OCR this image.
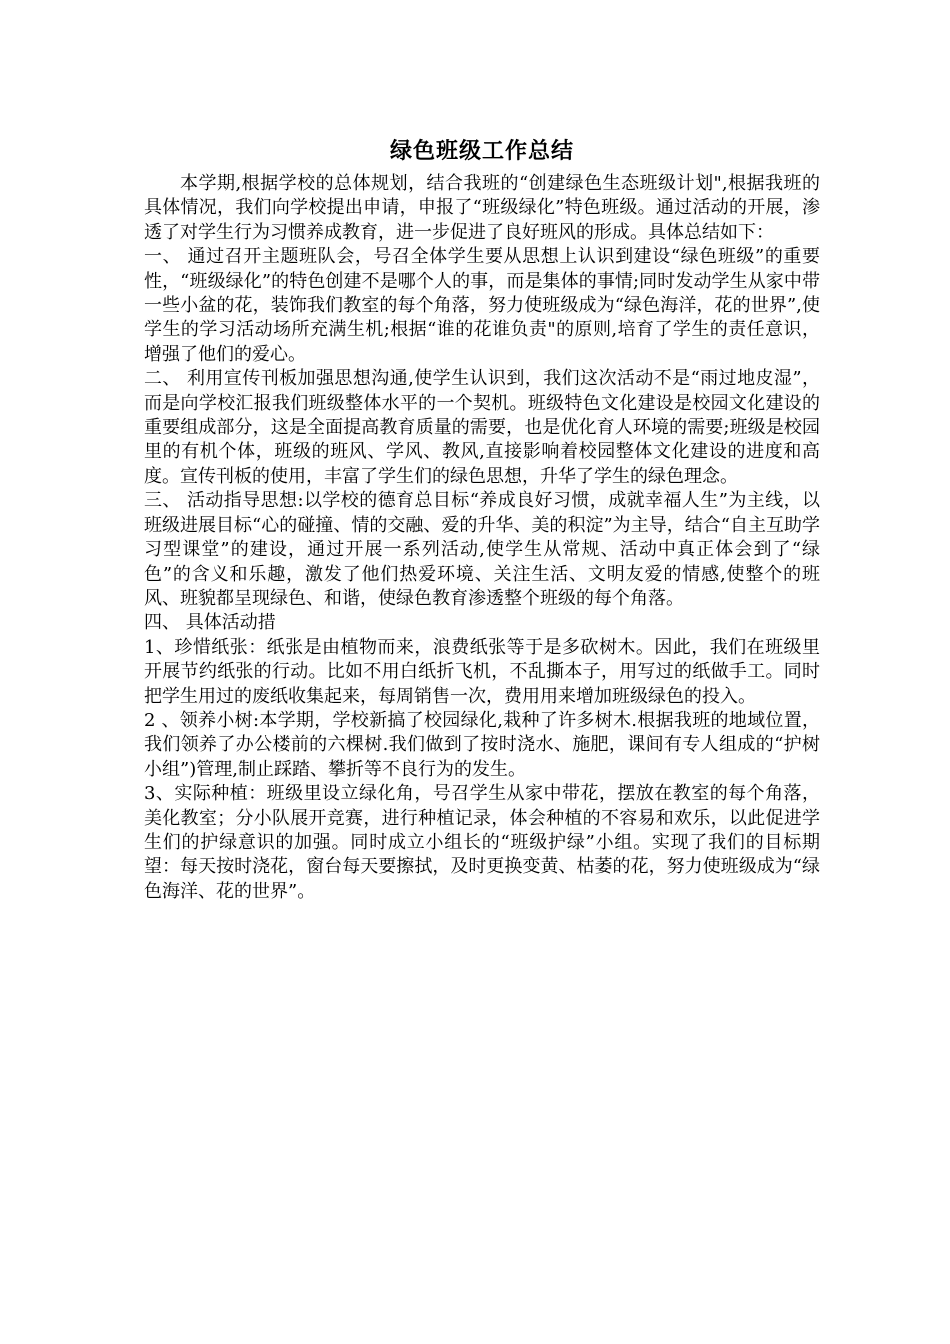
绿色班级工作总结

本学期,根据学校的总体规划，结合我班的“创建绿色生态班级计划",根据我班的具体情况，我们向学校提出申请，申报了“班级绿化”特色班级。通过活动的开展，渗透了对学生行为习惯养成教育，进一步促进了良好班风的形成。具体总结如下：

一、 通过召开主题班队会，号召全体学生要从思想上认识到建设“绿色班级”的重要性，“班级绿化”的特色创建不是哪个人的事，而是集体的事情;同时发动学生从家中带一些小盆的花，装饰我们教室的每个角落，努力使班级成为“绿色海洋，花的世界”,使学生的学习活动场所充满生机;根据“谁的花谁负责"的原则,培育了学生的责任意识，增强了他们的爱心。

二、 利用宣传刊板加强思想沟通,使学生认识到，我们这次活动不是“雨过地皮湿”，而是向学校汇报我们班级整体水平的一个契机。班级特色文化建设是校园文化建设的重要组成部分，这是全面提高教育质量的需要，也是优化育人环境的需要;班级是校园里的有机个体，班级的班风、学风、教风,直接影响着校园整体文化建设的进度和高度。宣传刊板的使用，丰富了学生们的绿色思想，升华了学生的绿色理念。

三、 活动指导思想:以学校的德育总目标“养成良好习惯，成就幸福人生”为主线，以班级进展目标“心的碰撞、情的交融、爱的升华、美的积淀”为主导，结合“自主互助学习型课堂”的建设，通过开展一系列活动,使学生从常规、活动中真正体会到了“绿色”的含义和乐趣，激发了他们热爱环境、关注生活、文明友爱的情感,使整个的班风、班貌都呈现绿色、和谐，使绿色教育渗透整个班级的每个角落。

四、 具体活动措

1、珍惜纸张：纸张是由植物而来，浪费纸张等于是多砍树木。因此，我们在班级里开展节约纸张的行动。比如不用白纸折飞机，不乱撕本子，用写过的纸做手工。同时把学生用过的废纸收集起来，每周销售一次，费用用来增加班级绿色的投入。

2 、领养小树:本学期，学校新搞了校园绿化,栽种了许多树木.根据我班的地域位置，我们领养了办公楼前的六棵树.我们做到了按时浇水、施肥，课间有专人组成的“护树小组”)管理,制止踩踏、攀折等不良行为的发生。

3、实际种植：班级里设立绿化角，号召学生从家中带花，摆放在教室的每个角落，美化教室；分小队展开竞赛，进行种植记录，体会种植的不容易和欢乐，以此促进学生们的护绿意识的加强。同时成立小组长的“班级护绿”小组。实现了我们的目标期望：每天按时浇花，窗台每天要擦拭，及时更换变黄、枯萎的花，努力使班级成为“绿色海洋、花的世界”。
